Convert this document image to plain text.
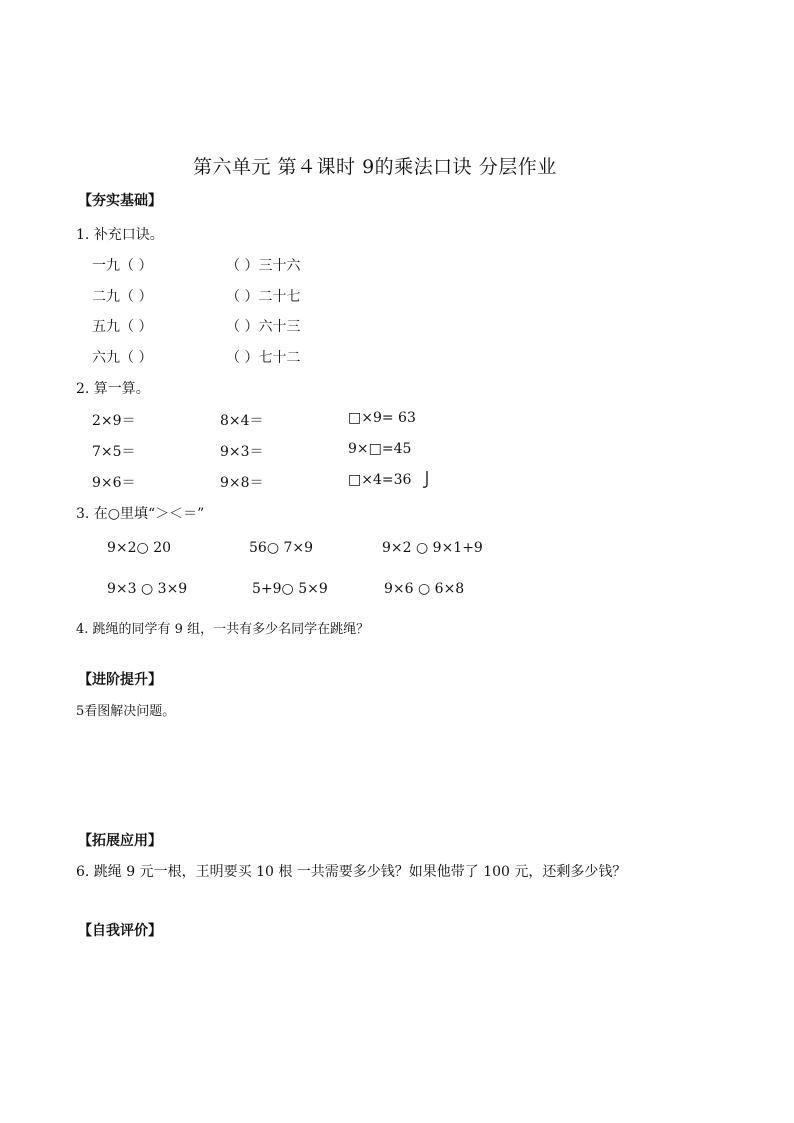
第六单元 第４课时 9的乘法口诀 分层作业
【夯实基础】
1. 补充口诀。
一九（ ）	（ ）三十六
二九（ ）	（ ）二十七
五九（ ）	（ ）六十三
六九（ ）	（ ）七十二
2. 算一算。
2×9＝	8×4＝	□×9= 63
7×5＝	9×3＝	9×□=45
9×6＝	9×8＝	□×4=36
3. 在○里填“＞＜＝”
9×2○ 20	56○ 7×9	9×2 ○ 9×1+9
9×3 ○ 3×9	5+9○ 5×9	9×6 ○ 6×8
4. 跳绳的同学有 9 组，一共有多少名同学在跳绳？
【进阶提升】
5看图解决问题。
【拓展应用】
6. 跳绳 9 元一根，王明要买 10 根 一共需要多少钱？如果他带了 100 元，还剩多少钱？
【自我评价】
